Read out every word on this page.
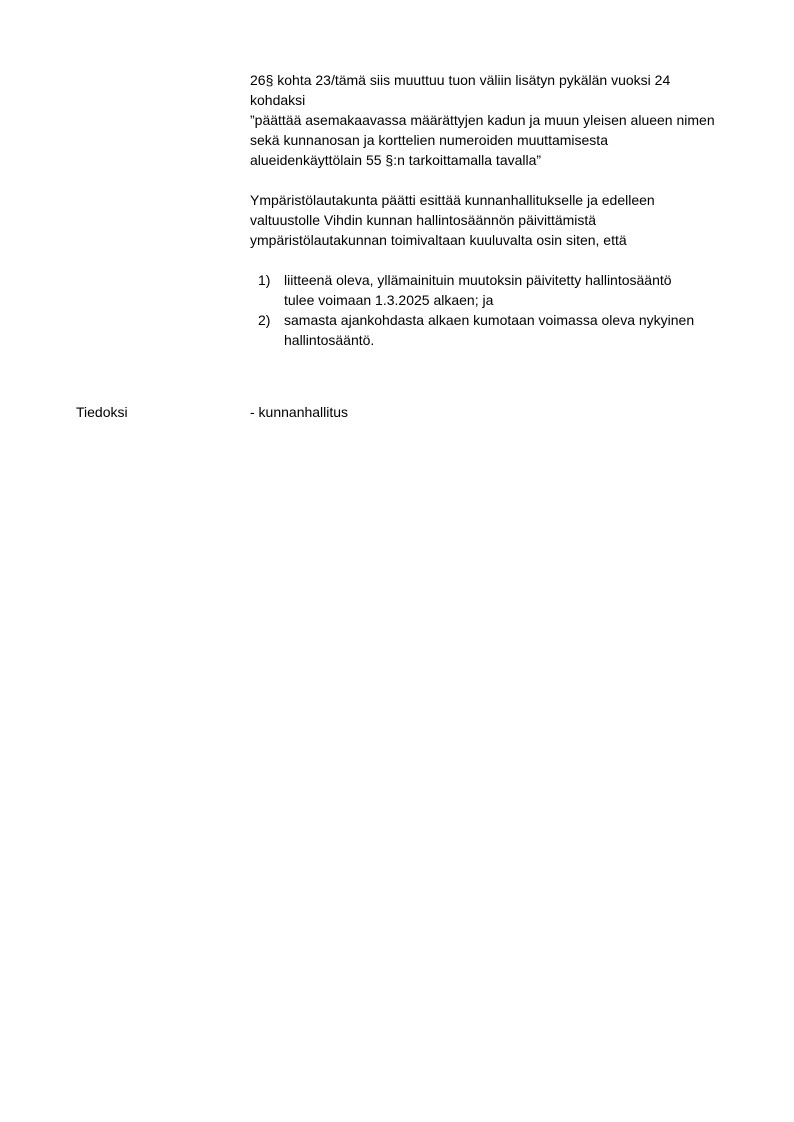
26§ kohta 23/tämä siis muuttuu tuon väliin lisätyn pykälän vuoksi 24
kohdaksi
”päättää asemakaavassa määrättyjen kadun ja muun yleisen alueen nimen
sekä kunnanosan ja korttelien numeroiden muuttamisesta
alueidenkäyttölain 55 §:n tarkoittamalla tavalla”

Ympäristölautakunta päätti esittää kunnanhallitukselle ja edelleen
valtuustolle Vihdin kunnan hallintosäännön päivittämistä
ympäristölautakunnan toimivaltaan kuuluvalta osin siten, että

1) liitteenä oleva, yllämainituin muutoksin päivitetty hallintosääntö
tulee voimaan 1.3.2025 alkaen; ja
2) samasta ajankohdasta alkaen kumotaan voimassa oleva nykyinen
hallintosääntö.
Tiedoksi	- kunnanhallitus
